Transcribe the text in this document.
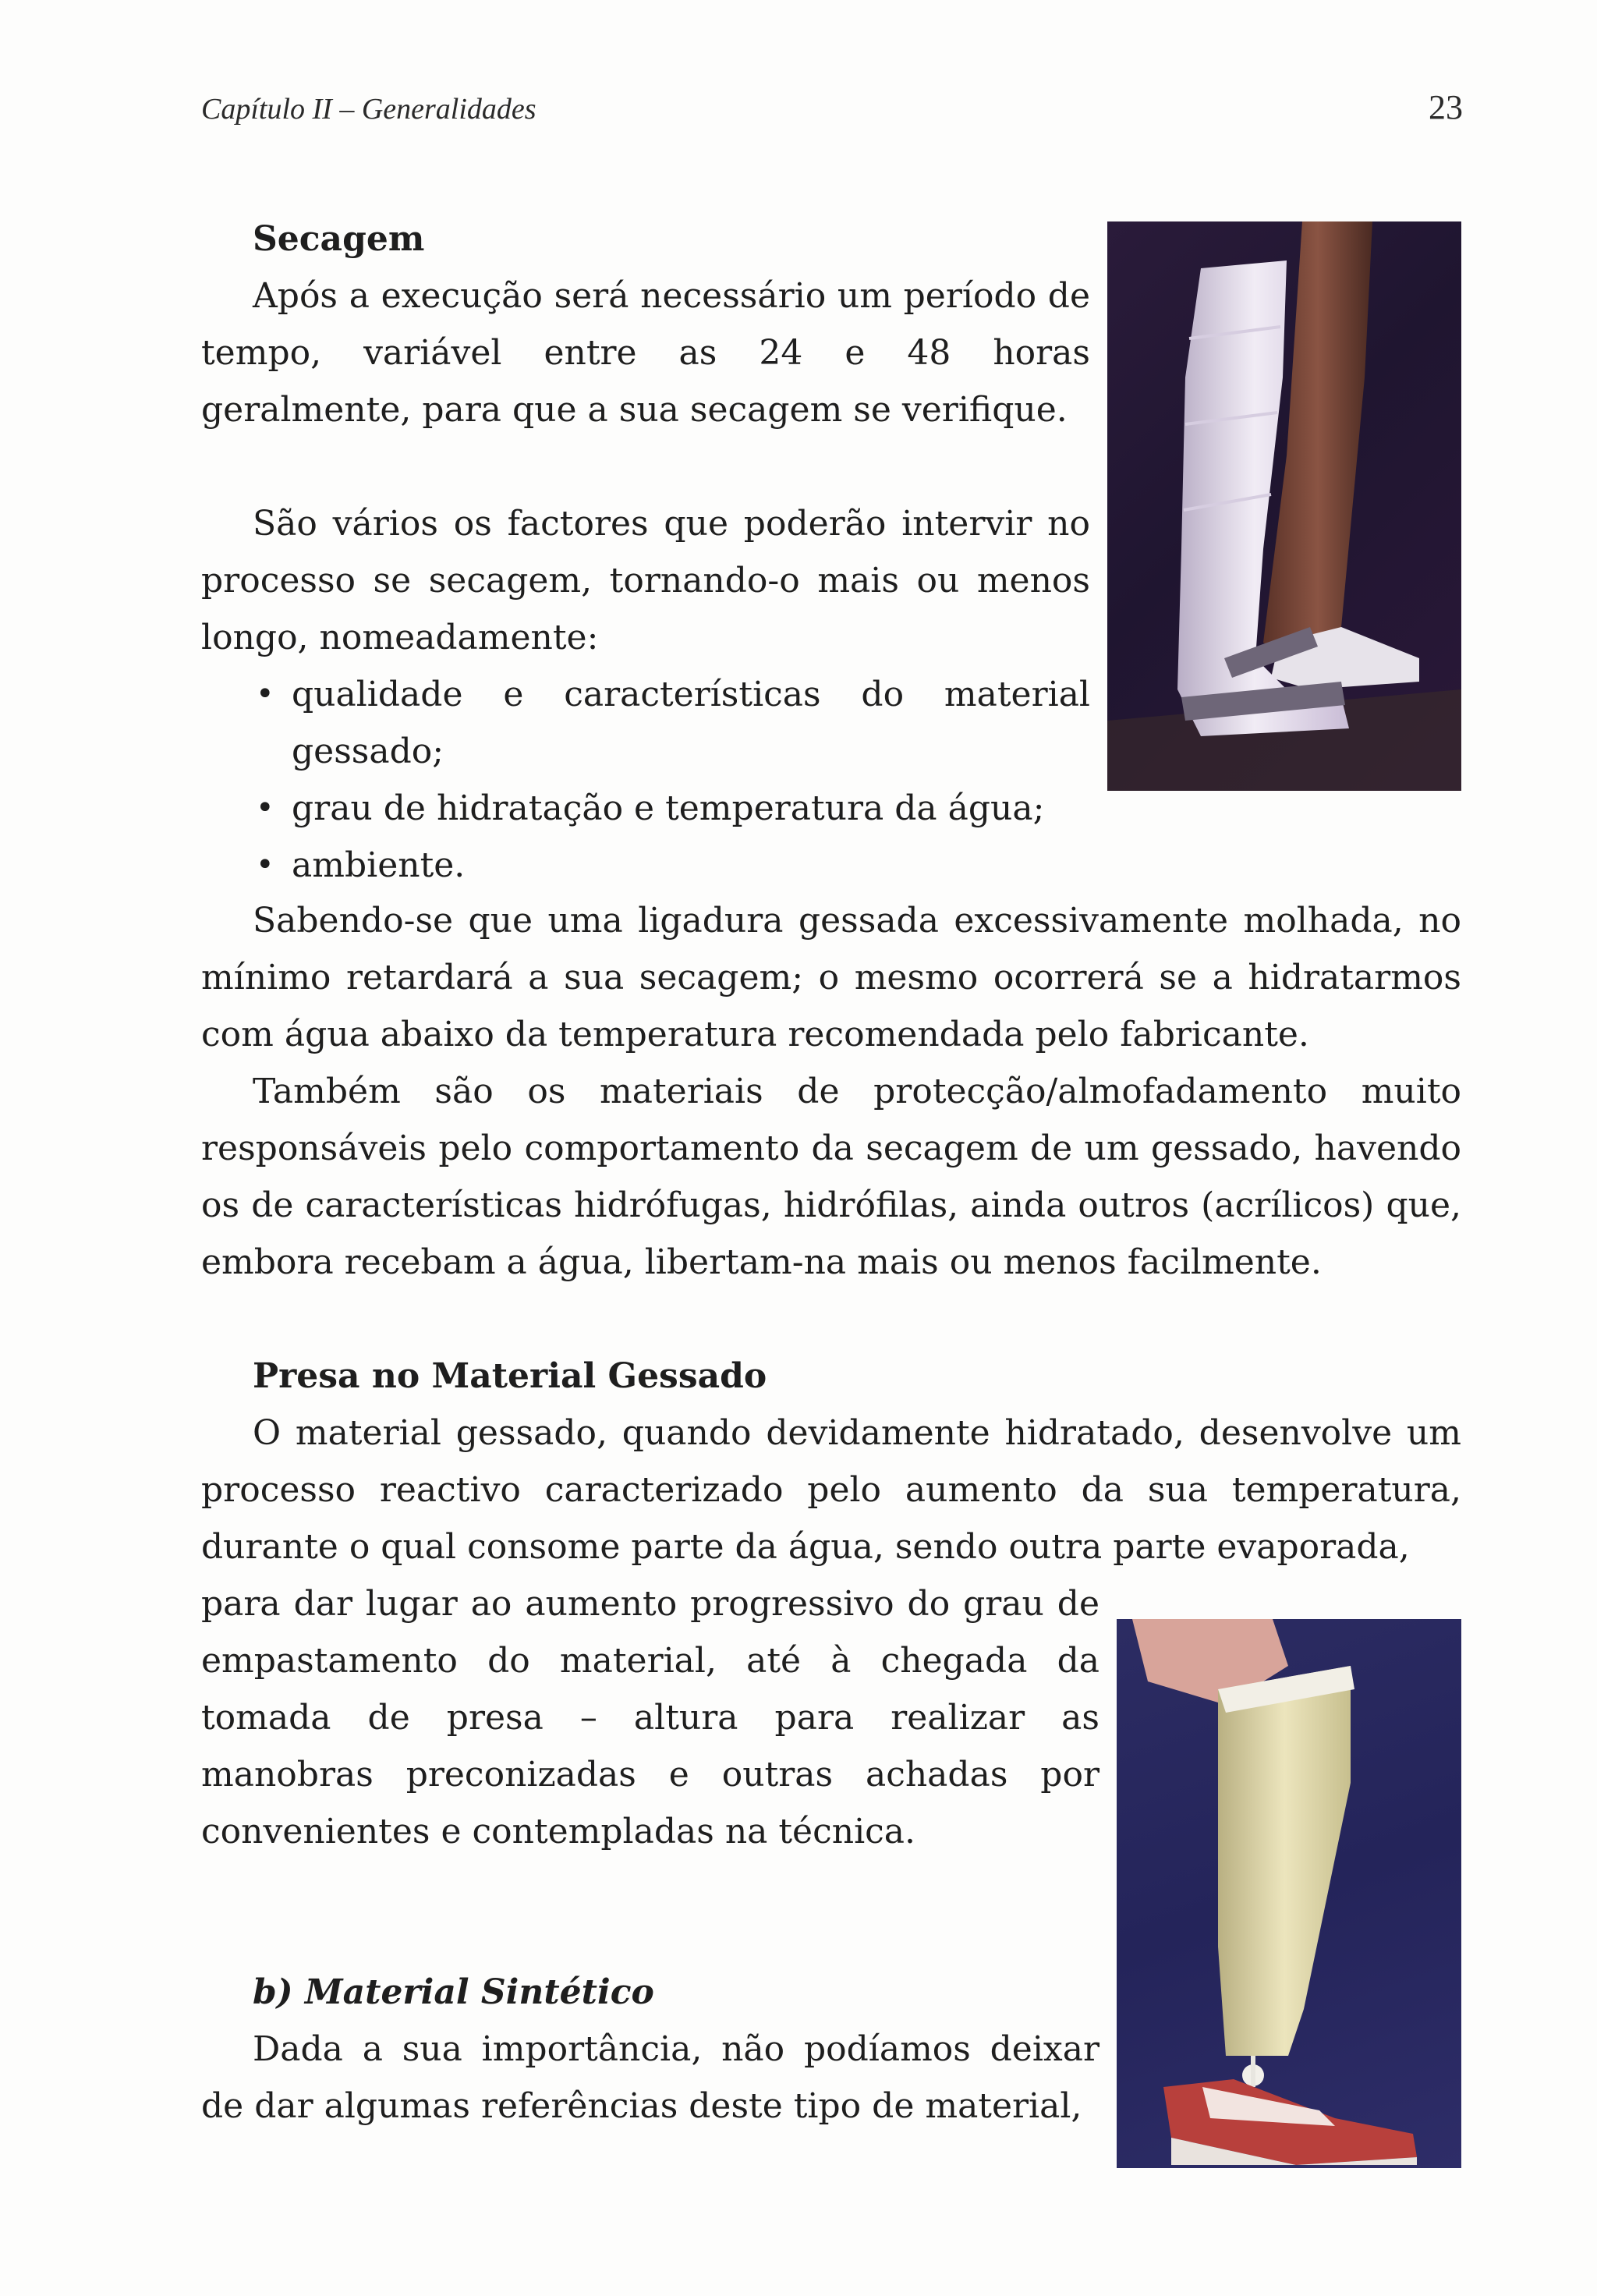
Capítulo II – Generalidades	23
Secagem

Após a execução será necessário um período de tempo, variável entre as 24 e 48 horas geralmente, para que a sua secagem se verifique.

São vários os factores que poderão intervir no processo se secagem, tornando-o mais ou menos longo, nomeadamente:

• qualidade e características do material gessado;
• grau de hidratação e temperatura da água;
• ambiente.

Sabendo-se que uma ligadura gessada excessivamente molhada, no mínimo retardará a sua secagem; o mesmo ocorrerá se a hidratarmos com água abaixo da temperatura recomendada pelo fabricante.

Também são os materiais de protecção/almofadamento muito responsáveis pelo comportamento da secagem de um gessado, havendo os de características hidrófugas, hidrófilas, ainda outros (acrílicos) que, embora recebam a água, libertam-na mais ou menos facilmente.

Presa no Material Gessado

O material gessado, quando devidamente hidratado, desenvolve um processo reactivo caracterizado pelo aumento da sua temperatura, durante o qual consome parte da água, sendo outra parte evaporada,

para dar lugar ao aumento progressivo do grau de empastamento do material, até à chegada da tomada de presa – altura para realizar as manobras preconizadas e outras achadas por convenientes e contempladas na técnica.

b) Material Sintético

Dada a sua importância, não podíamos deixar de dar algumas referências deste tipo de material,
